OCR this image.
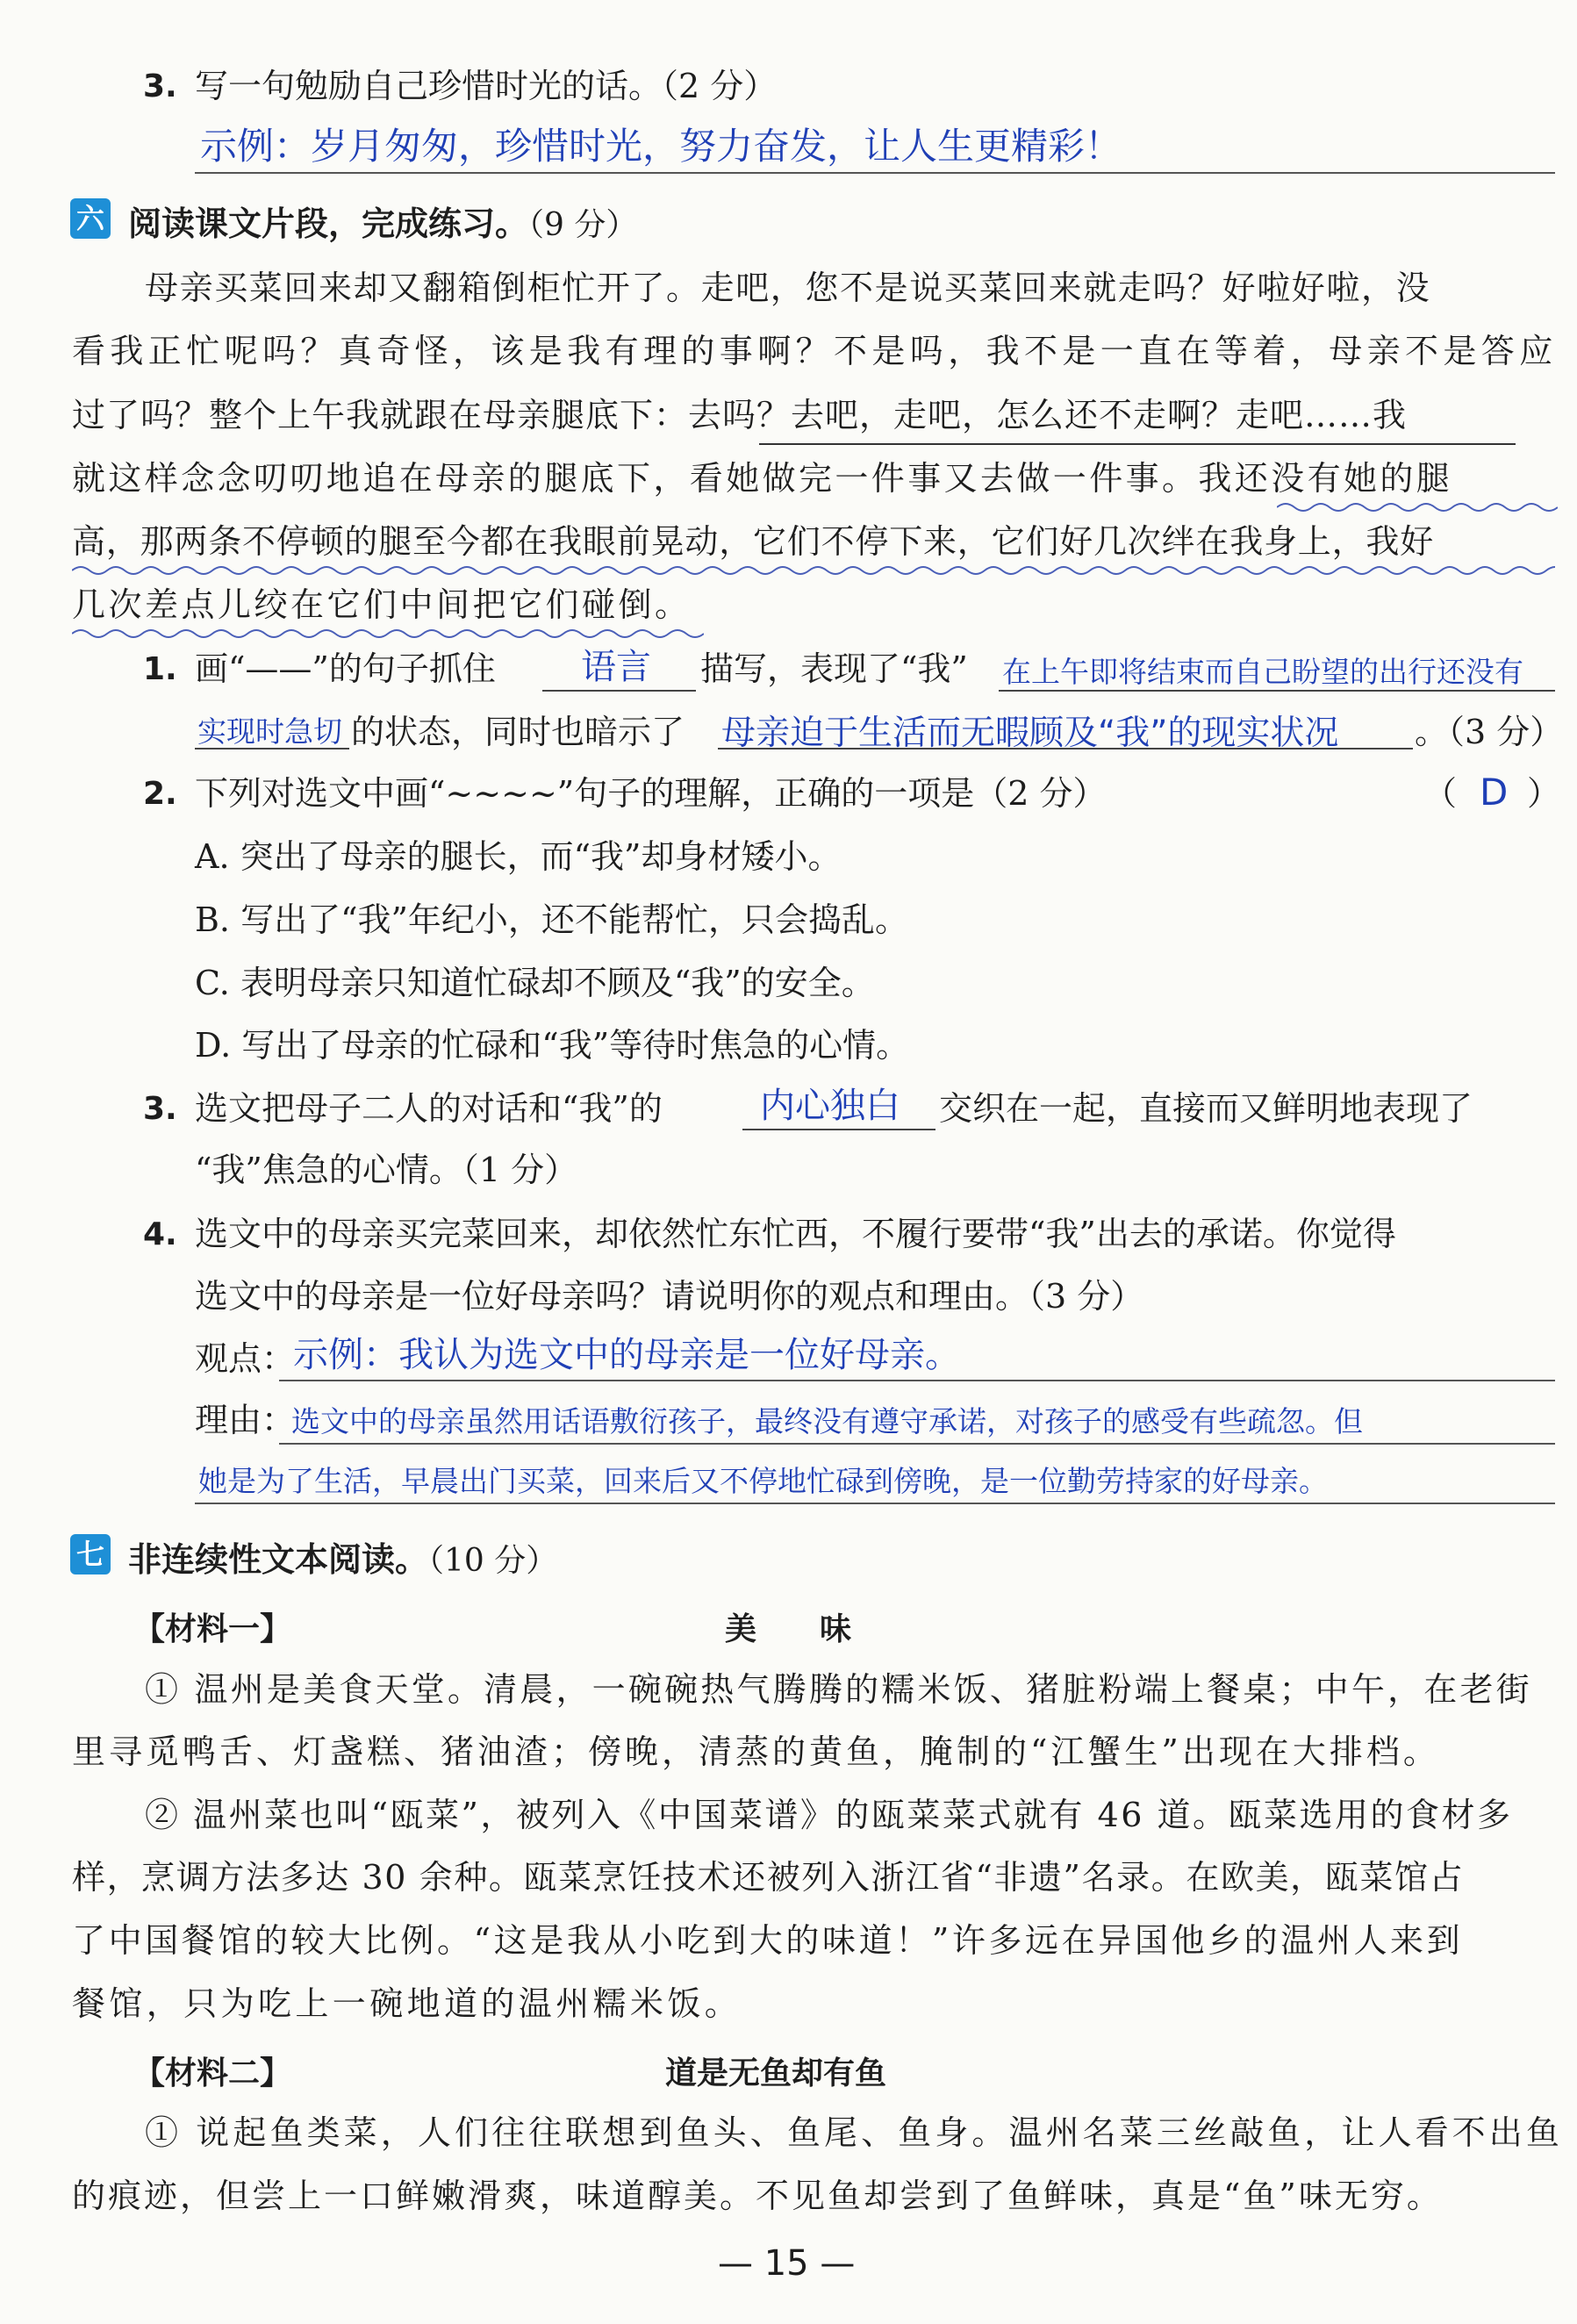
3. 写一句勉励自己珍惜时光的话。（2 分）
示例：岁月匆匆，珍惜时光，努力奋发，让人生更精彩！
六 阅读课文片段，完成练习。（9 分）
母亲买菜回来却又翻箱倒柜忙开了。走吧，您不是说买菜回来就走吗？好啦好啦，没
看我正忙呢吗？真奇怪，该是我有理的事啊？不是吗，我不是一直在等着，母亲不是答应
过了吗？整个上午我就跟在母亲腿底下：去吗？去吧，走吧，怎么还不走啊？走吧……我
就这样念念叨叨地追在母亲的腿底下，看她做完一件事又去做一件事。我还没有她的腿
高，那两条不停顿的腿至今都在我眼前晃动，它们不停下来，它们好几次绊在我身上，我好
几次差点儿绞在它们中间把它们碰倒。
1. 画“——”的句子抓住 语言 描写，表现了“我” 在上午即将结束而自己盼望的出行还没有
实现时急切 的状态，同时也暗示了 母亲迫于生活而无暇顾及“我”的现实状况 。（3 分）
2. 下列对选文中画“~~~~”句子的理解，正确的一项是（2 分）	（ D ）
A. 突出了母亲的腿长，而“我”却身材矮小。
B. 写出了“我”年纪小，还不能帮忙，只会捣乱。
C. 表明母亲只知道忙碌却不顾及“我”的安全。
D. 写出了母亲的忙碌和“我”等待时焦急的心情。
3. 选文把母子二人的对话和“我”的	内心独白 交织在一起，直接而又鲜明地表现了
“我”焦急的心情。（1 分）
4. 选文中的母亲买完菜回来，却依然忙东忙西，不履行要带“我”出去的承诺。你觉得
选文中的母亲是一位好母亲吗？请说明你的观点和理由。（3 分）
观点：
示例：我认为选文中的母亲是一位好母亲。
理由：
选文中的母亲虽然用话语敷衍孩子，最终没有遵守承诺，对孩子的感受有些疏忽。但
她是为了生活，早晨出门买菜，回来后又不停地忙碌到傍晚，是一位勤劳持家的好母亲。
七 非连续性文本阅读。（10 分）
【材料一】	美　　味
① 温州是美食天堂。清晨，一碗碗热气腾腾的糯米饭、猪脏粉端上餐桌；中午，在老街
里寻觅鸭舌、灯盏糕、猪油渣；傍晚，清蒸的黄鱼，腌制的“江蟹生”出现在大排档。
② 温州菜也叫“瓯菜”，被列入《中国菜谱》的瓯菜菜式就有 46 道。瓯菜选用的食材多
样，烹调方法多达 30 余种。瓯菜烹饪技术还被列入浙江省“非遗”名录。在欧美，瓯菜馆占
了中国餐馆的较大比例。“这是我从小吃到大的味道！”许多远在异国他乡的温州人来到
餐馆，只为吃上一碗地道的温州糯米饭。
【材料二】	道是无鱼却有鱼
① 说起鱼类菜，人们往往联想到鱼头、鱼尾、鱼身。温州名菜三丝敲鱼，让人看不出鱼
的痕迹，但尝上一口鲜嫩滑爽，味道醇美。不见鱼却尝到了鱼鲜味，真是“鱼”味无穷。
— 15 —
